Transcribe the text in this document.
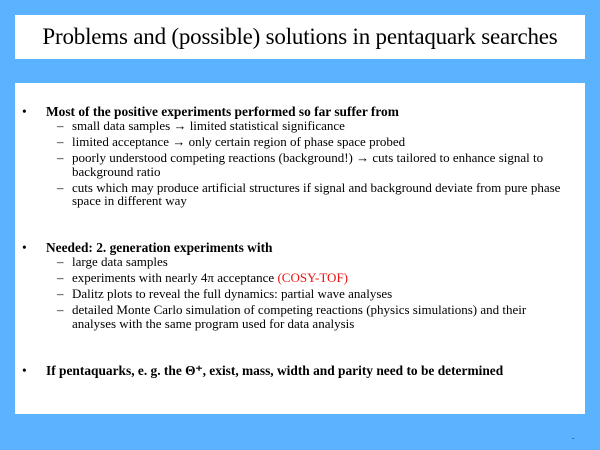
Problems and (possible) solutions in pentaquark searches
• Most of the positive experiments performed so far suffer from
– small data samples → limited statistical significance
– limited acceptance → only certain region of phase space probed
– poorly understood competing reactions (background!) → cuts tailored to enhance signal to background ratio
– cuts which may produce artificial structures if signal and background deviate from pure phase space in different way
• Needed: 2. generation experiments with
– large data samples
– experiments with nearly 4π acceptance (COSY-TOF)
– Dalitz plots to reveal the full dynamics: partial wave analyses
– detailed Monte Carlo simulation of competing reactions (physics simulations) and their analyses with the same program used for data analysis
• If pentaquarks, e. g. the Θ⁺, exist, mass, width and parity need to be determined
.
